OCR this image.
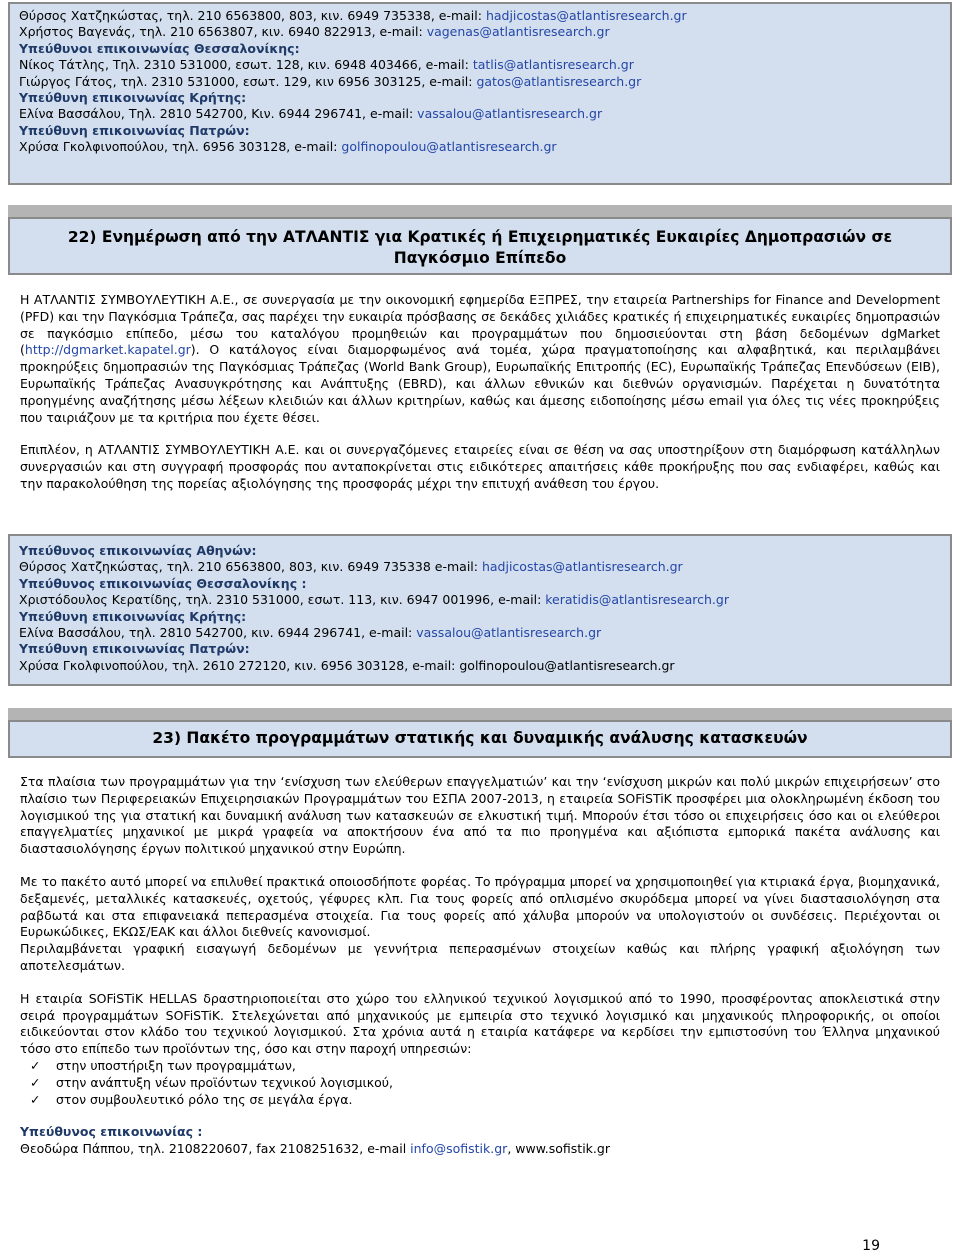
Θύρσος Χατζηκώστας, τηλ. 210 6563800, 803, κιν. 6949 735338, e-mail: hadjicostas@atlantisresearch.gr
Χρήστος Βαγενάς, τηλ. 210 6563807, κιν. 6940 822913, e-mail: vagenas@atlantisresearch.gr
Υπεύθυνοι επικοινωνίας Θεσσαλονίκης:
Νίκος Τάτλης, Τηλ. 2310 531000, εσωτ. 128, κιν. 6948 403466, e-mail: tatlis@atlantisresearch.gr
Γιώργος Γάτος, τηλ. 2310 531000, εσωτ. 129, κιν 6956 303125, e-mail: gatos@atlantisresearch.gr
Υπεύθυνη επικοινωνίας Κρήτης:
Ελίνα Βασσάλου, Τηλ. 2810 542700, Κιν. 6944 296741, e-mail: vassalou@atlantisresearch.gr
Υπεύθυνη επικοινωνίας Πατρών:
Χρύσα Γκολφινοπούλου, τηλ. 6956 303128, e-mail: golfinopoulou@atlantisresearch.gr
22) Ενημέρωση από την ΑΤΛΑΝΤΙΣ για Κρατικές ή Επιχειρηματικές Ευκαιρίες Δημοπρασιών σε Παγκόσμιο Επίπεδο

Η ΑΤΛΑΝΤΙΣ ΣΥΜΒΟΥΛΕΥΤΙΚΗ Α.Ε., σε συνεργασία με την οικονομική εφημερίδα ΕΞΠΡΕΣ, την εταιρεία Partnerships for Finance and Development (PFD) και την Παγκόσμια Τράπεζα, σας παρέχει την ευκαιρία πρόσβασης σε δεκάδες χιλιάδες κρατικές ή επιχειρηματικές ευκαιρίες δημοπρασιών σε παγκόσμιο επίπεδο, μέσω του καταλόγου προμηθειών και προγραμμάτων που δημοσιεύονται στη βάση δεδομένων dgMarket (http://dgmarket.kapatel.gr). Ο κατάλογος είναι διαμορφωμένος ανά τομέα, χώρα πραγματοποίησης και αλφαβητικά, και περιλαμβάνει προκηρύξεις δημοπρασιών της Παγκόσμιας Τράπεζας (World Bank Group), Ευρωπαϊκής Επιτροπής (EC), Ευρωπαϊκής Τράπεζας Επενδύσεων (EIB), Ευρωπαϊκής Τράπεζας Ανασυγκρότησης και Ανάπτυξης (EBRD), και άλλων εθνικών και διεθνών οργανισμών. Παρέχεται η δυνατότητα προηγμένης αναζήτησης μέσω λέξεων κλειδιών και άλλων κριτηρίων, καθώς και άμεσης ειδοποίησης μέσω email για όλες τις νέες προκηρύξεις που ταιριάζουν με τα κριτήρια που έχετε θέσει.

Επιπλέον, η ΑΤΛΑΝΤΙΣ ΣΥΜΒΟΥΛΕΥΤΙΚΗ Α.Ε. και οι συνεργαζόμενες εταιρείες είναι σε θέση να σας υποστηρίξουν στη διαμόρφωση κατάλληλων συνεργασιών και στη συγγραφή προσφοράς που ανταποκρίνεται στις ειδικότερες απαιτήσεις κάθε προκήρυξης που σας ενδιαφέρει, καθώς και την παρακολούθηση της πορείας αξιολόγησης της προσφοράς μέχρι την επιτυχή ανάθεση του έργου.

Υπεύθυνος επικοινωνίας Αθηνών:
Θύρσος Χατζηκώστας, τηλ. 210 6563800, 803, κιν. 6949 735338 e-mail: hadjicostas@atlantisresearch.gr
Υπεύθυνος επικοινωνίας Θεσσαλονίκης :
Χριστόδουλος Κερατίδης, τηλ. 2310 531000, εσωτ. 113, κιν. 6947 001996, e-mail: keratidis@atlantisresearch.gr
Υπεύθυνη επικοινωνίας Κρήτης:
Ελίνα Βασσάλου, τηλ. 2810 542700, κιν. 6944 296741, e-mail: vassalou@atlantisresearch.gr
Υπεύθυνη επικοινωνίας Πατρών:
Χρύσα Γκολφινοπούλου, τηλ. 2610 272120, κιν. 6956 303128, e-mail: golfinopoulou@atlantisresearch.gr
23) Πακέτο προγραμμάτων στατικής και δυναμικής ανάλυσης κατασκευών

Στα πλαίσια των προγραμμάτων για την ‘ενίσχυση των ελεύθερων επαγγελματιών’ και την ‘ενίσχυση μικρών και πολύ μικρών επιχειρήσεων’ στο πλαίσιο των Περιφερειακών Επιχειρησιακών Προγραμμάτων του ΕΣΠΑ 2007-2013, η εταιρεία SOFiSTiK προσφέρει μια ολοκληρωμένη έκδοση του λογισμικού της για στατική και δυναμική ανάλυση των κατασκευών σε ελκυστική τιμή. Μπορούν έτσι τόσο οι επιχειρήσεις όσο και οι ελεύθεροι επαγγελματίες μηχανικοί με μικρά γραφεία να αποκτήσουν ένα από τα πιο προηγμένα και αξιόπιστα εμπορικά πακέτα ανάλυσης και διαστασιολόγησης έργων πολιτικού μηχανικού στην Ευρώπη.

Με το πακέτο αυτό μπορεί να επιλυθεί πρακτικά οποιοσδήποτε φορέας. Το πρόγραμμα μπορεί να χρησιμοποιηθεί για κτιριακά έργα, βιομηχανικά, δεξαμενές, μεταλλικές κατασκευές, οχετούς, γέφυρες κλπ. Για τους φορείς από οπλισμένο σκυρόδεμα μπορεί να γίνει διαστασιολόγηση στα ραβδωτά και στα επιφανειακά πεπερασμένα στοιχεία. Για τους φορείς από χάλυβα μπορούν να υπολογιστούν οι συνδέσεις. Περιέχονται οι Ευρωκώδικες, ΕΚΩΣ/ΕΑΚ και άλλοι διεθνείς κανονισμοί.

Περιλαμβάνεται γραφική εισαγωγή δεδομένων με γεννήτρια πεπερασμένων στοιχείων καθώς και πλήρης γραφική αξιολόγηση των αποτελεσμάτων.

Η εταιρία SOFiSTiK HELLAS δραστηριοποιείται στο χώρο του ελληνικού τεχνικού λογισμικού από το 1990, προσφέροντας αποκλειστικά στην σειρά προγραμμάτων SOFiSTiK. Στελεχώνεται από μηχανικούς με εμπειρία στο τεχνικό λογισμικό και μηχανικούς πληροφορικής, οι οποίοι ειδικεύονται στον κλάδο του τεχνικού λογισμικού. Στα χρόνια αυτά η εταιρία κατάφερε να κερδίσει την εμπιστοσύνη του Έλληνα μηχανικού τόσο στο επίπεδο των προϊόντων της, όσο και στην παροχή υπηρεσιών:

✓ στην υποστήριξη των προγραμμάτων,
✓ στην ανάπτυξη νέων προϊόντων τεχνικού λογισμικού,
✓ στον συμβουλευτικό ρόλο της σε μεγάλα έργα.

Υπεύθυνος επικοινωνίας :
Θεοδώρα Πάππου, τηλ. 2108220607, fax 2108251632, e-mail info@sofistik.gr, www.sofistik.gr

19
